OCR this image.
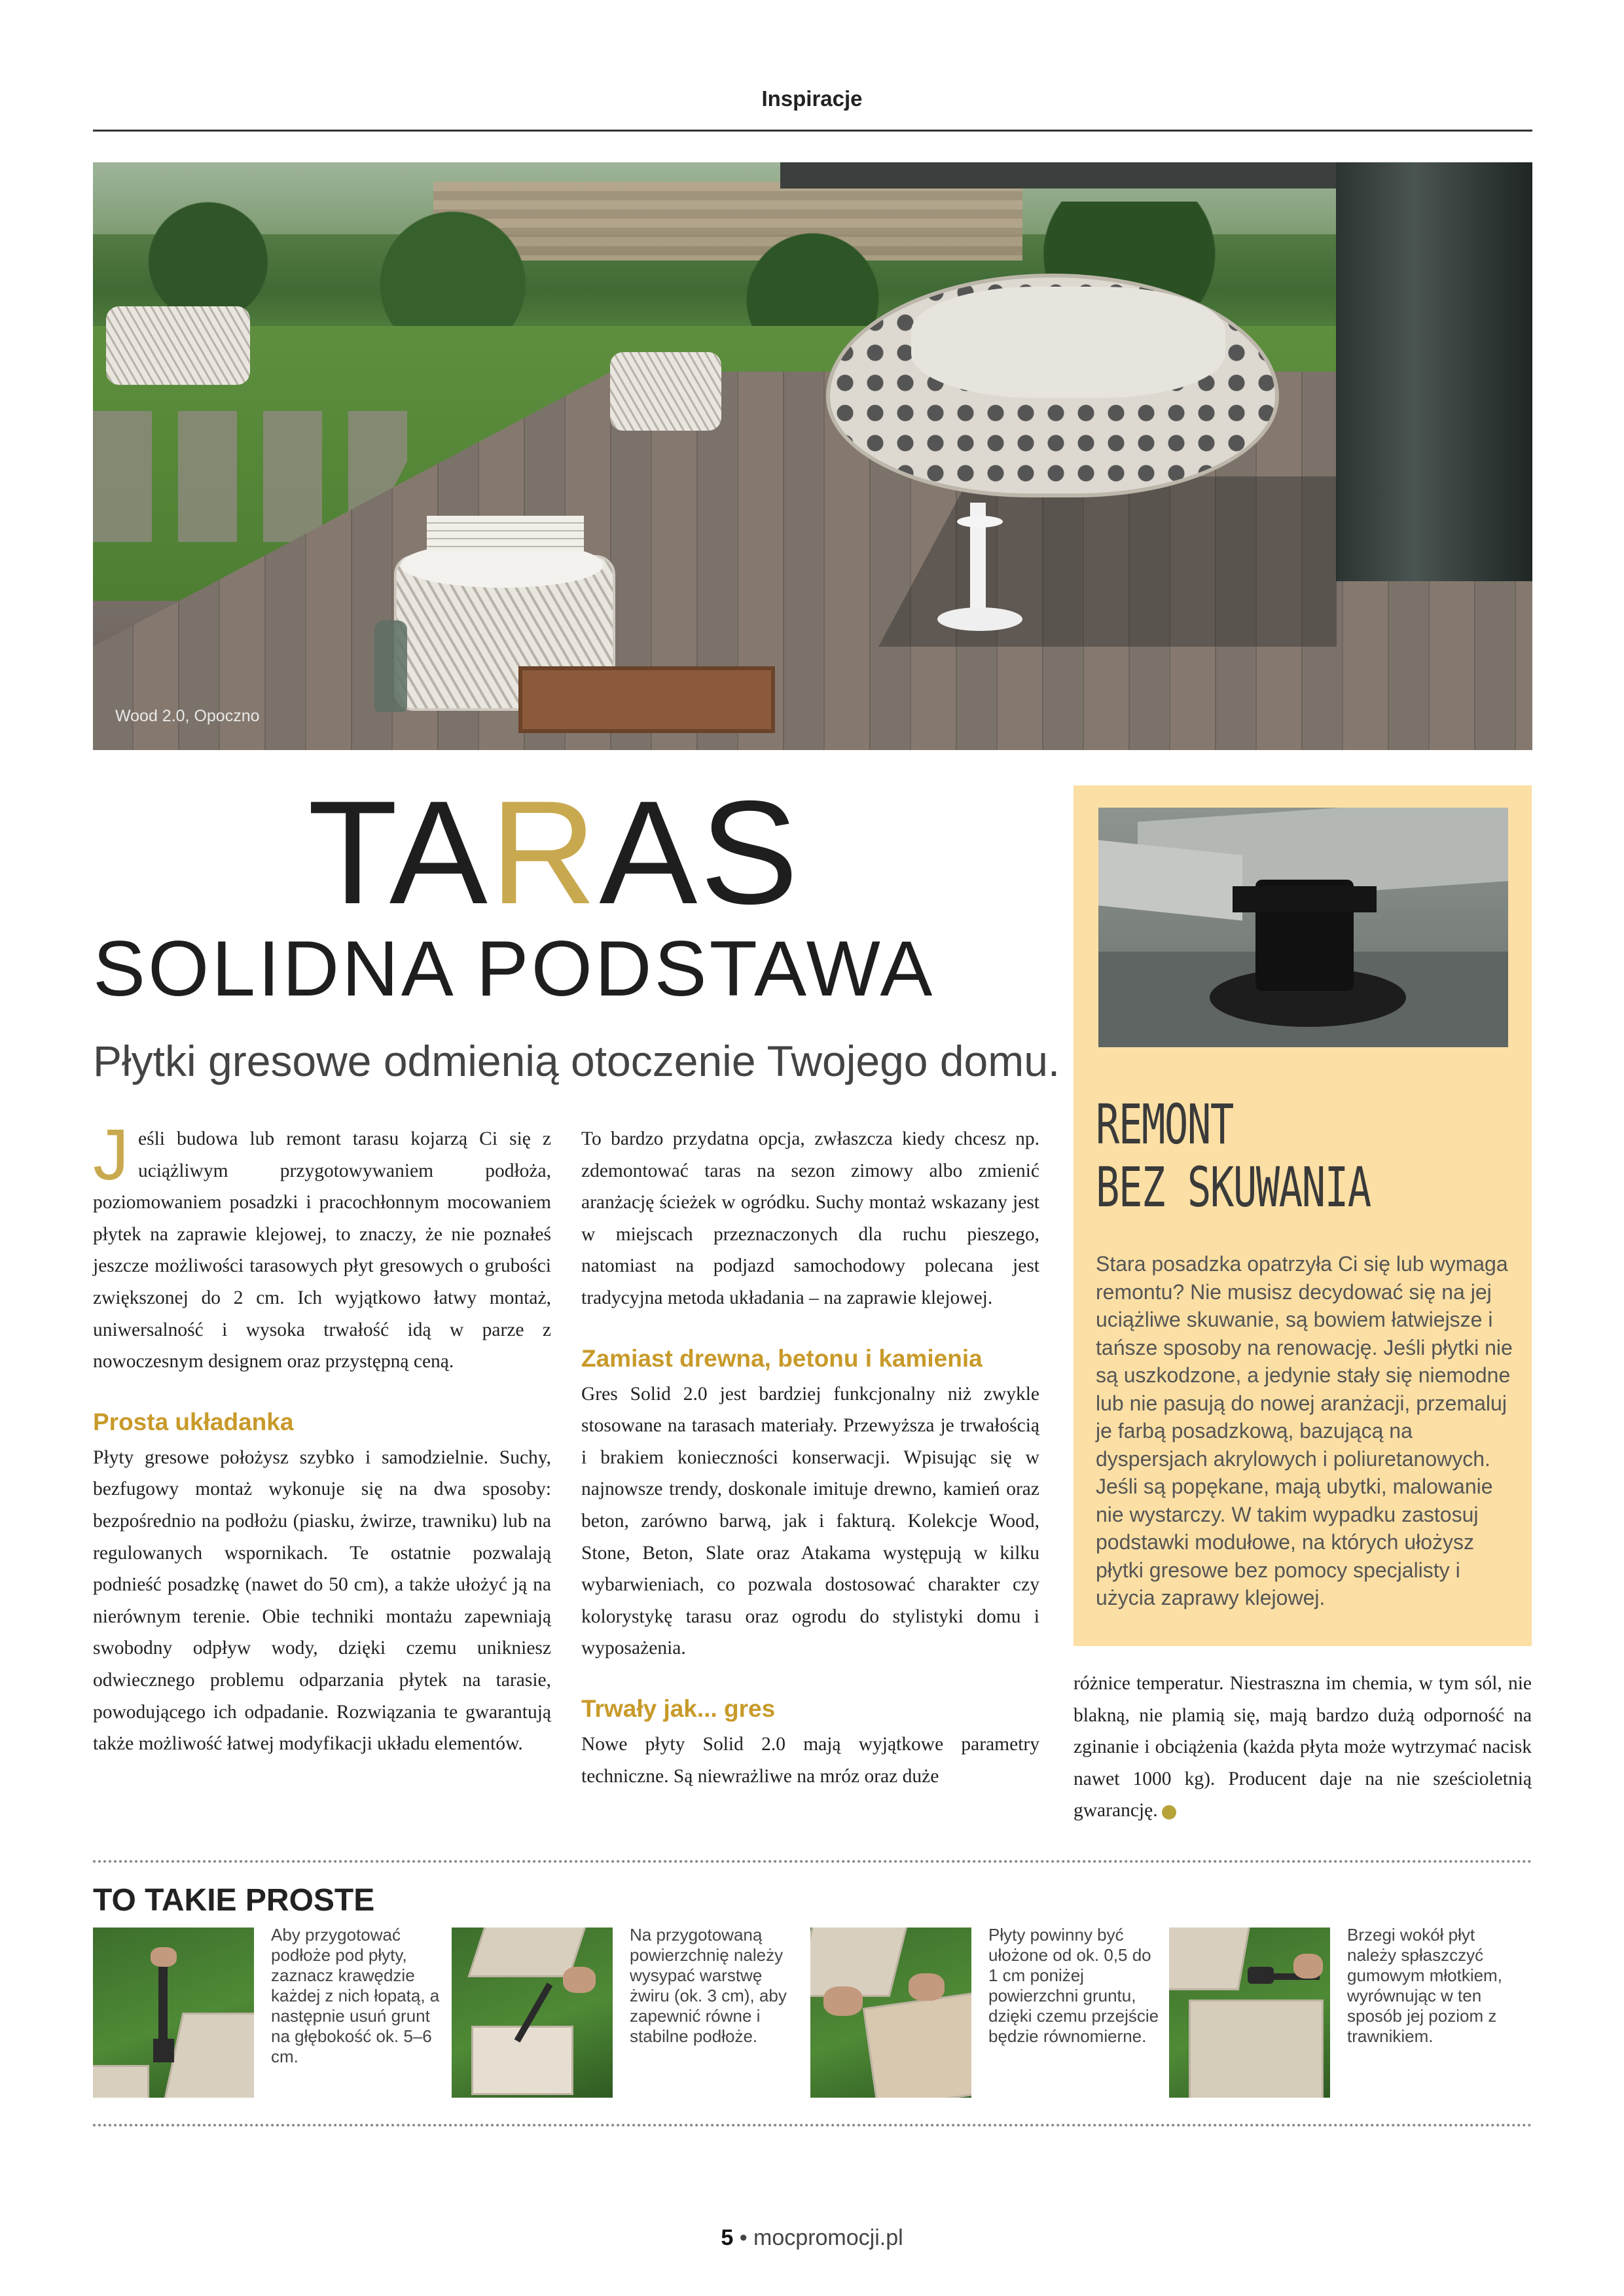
Inspiracje
Wood 2.0, Opoczno
TARAS
SOLIDNA PODSTAWA
Płytki gresowe odmienią otoczenie Twojego domu.

Jeśli budowa lub remont tarasu kojarzą Ci się z uciążliwym przygotowywaniem podłoża, poziomowaniem posadzki i pracochłonnym mocowaniem płytek na zaprawie klejowej, to znaczy, że nie poznałeś jeszcze możliwości tarasowych płyt gresowych o grubości zwiększonej do 2 cm. Ich wyjątkowo łatwy montaż, uniwersalność i wysoka trwałość idą w parze z nowoczesnym designem oraz przystępną ceną.

Prosta układanka

Płyty gresowe położysz szybko i samodzielnie. Suchy, bezfugowy montaż wykonuje się na dwa sposoby: bezpośrednio na podłożu (piasku, żwirze, trawniku) lub na regulowanych wspornikach. Te ostatnie pozwalają podnieść posadzkę (nawet do 50 cm), a także ułożyć ją na nierównym terenie. Obie techniki montażu zapewniają swobodny odpływ wody, dzięki czemu unikniesz odwiecznego problemu odparzania płytek na tarasie, powodującego ich odpadanie. Rozwiązania te gwarantują także możliwość łatwej modyfikacji układu elementów.

To bardzo przydatna opcja, zwłaszcza kiedy chcesz np. zdemontować taras na sezon zimowy albo zmienić aranżację ścieżek w ogródku. Suchy montaż wskazany jest w miejscach przeznaczonych dla ruchu pieszego, natomiast na podjazd samochodowy polecana jest tradycyjna metoda układania – na zaprawie klejowej.

Zamiast drewna, betonu i kamienia

Gres Solid 2.0 jest bardziej funkcjonalny niż zwykle stosowane na tarasach materiały. Przewyższa je trwałością i brakiem konieczności konserwacji. Wpisując się w najnowsze trendy, doskonale imituje drewno, kamień oraz beton, zarówno barwą, jak i fakturą. Kolekcje Wood, Stone, Beton, Slate oraz Atakama występują w kilku wybarwieniach, co pozwala dostosować charakter czy kolorystykę tarasu oraz ogrodu do stylistyki domu i wyposażenia.

Trwały jak... gres

Nowe płyty Solid 2.0 mają wyjątkowe parametry techniczne. Są niewrażliwe na mróz oraz duże

REMONT
BEZ SKUWANIA
Stara posadzka opatrzyła Ci się lub wymaga remontu? Nie musisz decydować się na jej uciążliwe skuwanie, są bowiem łatwiejsze i tańsze sposoby na renowację. Jeśli płytki nie są uszkodzone, a jedynie stały się niemodne lub nie pasują do nowej aranżacji, przemaluj je farbą posadzkową, bazującą na dyspersjach akrylowych i poliuretanowych. Jeśli są popękane, mają ubytki, malowanie nie wystarczy. W takim wypadku zastosuj podstawki modułowe, na których ułożysz płytki gresowe bez pomocy specjalisty i użycia zaprawy klejowej.

różnice temperatur. Niestraszna im chemia, w tym sól, nie blakną, nie plamią się, mają bardzo dużą odporność na zginanie i obciążenia (każda płyta może wytrzymać nacisk nawet 1000 kg). Producent daje na nie sześcioletnią gwarancję.

TO TAKIE PROSTE
Aby przygotować podłoże pod płyty, zaznacz krawędzie każdej z nich łopatą, a następnie usuń grunt na głębokość ok. 5–6 cm.
Na przygotowaną powierzchnię należy wysypać warstwę żwiru (ok. 3 cm), aby zapewnić równe i stabilne podłoże.
Płyty powinny być ułożone od ok. 0,5 do 1 cm poniżej powierzchni gruntu, dzięki czemu przejście będzie równomierne.
Brzegi wokół płyt należy spłaszczyć gumowym młotkiem, wyrównując w ten sposób jej poziom z trawnikiem.
5 • mocpromocji.pl
